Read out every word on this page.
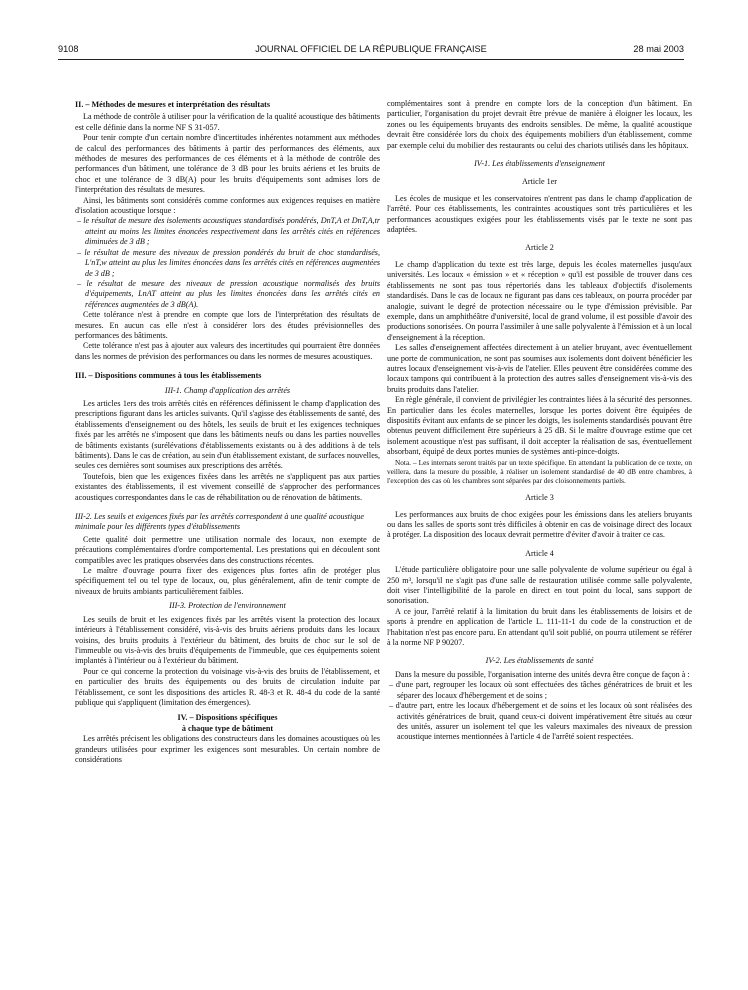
9108	JOURNAL OFFICIEL DE LA RÉPUBLIQUE FRANÇAISE	28 mai 2003
II. – Méthodes de mesures et interprétation des résultats

La méthode de contrôle à utiliser pour la vérification de la qualité acoustique des bâtiments est celle définie dans la norme NF S 31-057.

Pour tenir compte d'un certain nombre d'incertitudes inhérentes notamment aux méthodes de calcul des performances des bâtiments à partir des performances des éléments, aux méthodes de mesures des performances de ces éléments et à la méthode de contrôle des performances d'un bâtiment, une tolérance de 3 dB pour les bruits aériens et les bruits de choc et une tolérance de 3 dB(A) pour les bruits d'équipements sont admises lors de l'interprétation des résultats de mesures.

Ainsi, les bâtiments sont considérés comme conformes aux exigences requises en matière d'isolation acoustique lorsque :

– le résultat de mesure des isolements acoustiques standardisés pondérés, DnT,A et DnT,A,tr atteint au moins les limites énoncées respectivement dans les arrêtés cités en références diminuées de 3 dB ;
– le résultat de mesure des niveaux de pression pondérés du bruit de choc standardisés, L'nT,w atteint au plus les limites énoncées dans les arrêtés cités en références augmentées de 3 dB ;
– le résultat de mesure des niveaux de pression acoustique normalisés des bruits d'équipements, LnAT atteint au plus les limites énoncées dans les arrêtés cités en références augmentées de 3 dB(A).

Cette tolérance n'est à prendre en compte que lors de l'interprétation des résultats de mesures. En aucun cas elle n'est à considérer lors des études prévisionnelles des performances des bâtiments.

Cette tolérance n'est pas à ajouter aux valeurs des incertitudes qui pourraient être données dans les normes de prévision des performances ou dans les normes de mesures acoustiques.

III. – Dispositions communes à tous les établissements
III-1. Champ d'application des arrêtés

Les articles 1ers des trois arrêtés cités en références définissent le champ d'application des prescriptions figurant dans les articles suivants. Qu'il s'agisse des établissements de santé, des établissements d'enseignement ou des hôtels, les seuils de bruit et les exigences techniques fixés par les arrêtés ne s'imposent que dans les bâtiments neufs ou dans les parties nouvelles de bâtiments existants (surélévations d'établissements existants ou à des additions à de tels bâtiments). Dans le cas de création, au sein d'un établissement existant, de surfaces nouvelles, seules ces dernières sont soumises aux prescriptions des arrêtés.

Toutefois, bien que les exigences fixées dans les arrêtés ne s'appliquent pas aux parties existantes des établissements, il est vivement conseillé de s'approcher des performances acoustiques correspondantes dans le cas de réhabilitation ou de rénovation de bâtiments.

III-2. Les seuils et exigences fixés par les arrêtés correspondent à une qualité acoustique minimale pour les différents types d'établissements

Cette qualité doit permettre une utilisation normale des locaux, non exempte de précautions complémentaires d'ordre comportemental. Les prestations qui en découlent sont compatibles avec les pratiques observées dans des constructions récentes.

Le maître d'ouvrage pourra fixer des exigences plus fortes afin de protéger plus spécifiquement tel ou tel type de locaux, ou, plus généralement, afin de tenir compte de niveaux de bruits ambiants particulièrement faibles.

III-3. Protection de l'environnement

Les seuils de bruit et les exigences fixés par les arrêtés visent la protection des locaux intérieurs à l'établissement considéré, vis-à-vis des bruits aériens produits dans les locaux voisins, des bruits produits à l'extérieur du bâtiment, des bruits de choc sur le sol de l'immeuble ou vis-à-vis des bruits d'équipements de l'immeuble, que ces équipements soient implantés à l'intérieur ou à l'extérieur du bâtiment.

Pour ce qui concerne la protection du voisinage vis-à-vis des bruits de l'établissement, et en particulier des bruits des équipements ou des bruits de circulation induite par l'établissement, ce sont les dispositions des articles R. 48-3 et R. 48-4 du code de la santé publique qui s'appliquent (limitation des émergences).

IV. – Dispositions spécifiques
à chaque type de bâtiment

Les arrêtés précisent les obligations des constructeurs dans les domaines acoustiques où les grandeurs utilisées pour exprimer les exigences sont mesurables. Un certain nombre de considérations

complémentaires sont à prendre en compte lors de la conception d'un bâtiment. En particulier, l'organisation du projet devrait être prévue de manière à éloigner les locaux, les zones ou les équipements bruyants des endroits sensibles. De même, la qualité acoustique devrait être considérée lors du choix des équipements mobiliers d'un établissement, comme par exemple celui du mobilier des restaurants ou celui des chariots utilisés dans les hôpitaux.

IV-1. Les établissements d'enseignement
Article 1er

Les écoles de musique et les conservatoires n'entrent pas dans le champ d'application de l'arrêté. Pour ces établissements, les contraintes acoustiques sont très particulières et les performances acoustiques exigées pour les établissements visés par le texte ne sont pas adaptées.

Article 2

Le champ d'application du texte est très large, depuis les écoles maternelles jusqu'aux universités. Les locaux « émission » et « réception » qu'il est possible de trouver dans ces établissements ne sont pas tous répertoriés dans les tableaux d'objectifs d'isolements standardisés. Dans le cas de locaux ne figurant pas dans ces tableaux, on pourra procéder par analogie, suivant le degré de protection nécessaire ou le type d'émission prévisible. Par exemple, dans un amphithéâtre d'université, local de grand volume, il est possible d'avoir des productions sonorisées. On pourra l'assimiler à une salle polyvalente à l'émission et à un local d'enseignement à la réception.

Les salles d'enseignement affectées directement à un atelier bruyant, avec éventuellement une porte de communication, ne sont pas soumises aux isolements dont doivent bénéficier les autres locaux d'enseignement vis-à-vis de l'atelier. Elles peuvent être considérées comme des locaux tampons qui contribuent à la protection des autres salles d'enseignement vis-à-vis des bruits produits dans l'atelier.

En règle générale, il convient de privilégier les contraintes liées à la sécurité des personnes. En particulier dans les écoles maternelles, lorsque les portes doivent être équipées de dispositifs évitant aux enfants de se pincer les doigts, les isolements standardisés pouvant être obtenus peuvent difficilement être supérieurs à 25 dB. Si le maître d'ouvrage estime que cet isolement acoustique n'est pas suffisant, il doit accepter la réalisation de sas, éventuellement absorbant, équipé de deux portes munies de systèmes anti-pince-doigts.

Nota. – Les internats seront traités par un texte spécifique. En attendant la publication de ce texte, on veillera, dans la mesure du possible, à réaliser un isolement standardisé de 40 dB entre chambres, à l'exception des cas où les chambres sont séparées par des cloisonnements partiels.

Article 3

Les performances aux bruits de choc exigées pour les émissions dans les ateliers bruyants ou dans les salles de sports sont très difficiles à obtenir en cas de voisinage direct des locaux à protéger. La disposition des locaux devrait permettre d'éviter d'avoir à traiter ce cas.

Article 4

L'étude particulière obligatoire pour une salle polyvalente de volume supérieur ou égal à 250 m³, lorsqu'il ne s'agit pas d'une salle de restauration utilisée comme salle polyvalente, doit viser l'intelligibilité de la parole en direct en tout point du local, sans support de sonorisation.

A ce jour, l'arrêté relatif à la limitation du bruit dans les établissements de loisirs et de sports à prendre en application de l'article L. 111-11-1 du code de la construction et de l'habitation n'est pas encore paru. En attendant qu'il soit publié, on pourra utilement se référer à la norme NF P 90207.

IV-2. Les établissements de santé

Dans la mesure du possible, l'organisation interne des unités devra être conçue de façon à :

– d'une part, regrouper les locaux où sont effectuées des tâches génératrices de bruit et les séparer des locaux d'hébergement et de soins ;
– d'autre part, entre les locaux d'hébergement et de soins et les locaux où sont réalisées des activités génératrices de bruit, quand ceux-ci doivent impérativement être situés au cœur des unités, assurer un isolement tel que les valeurs maximales des niveaux de pression acoustique internes mentionnées à l'article 4 de l'arrêté soient respectées.
